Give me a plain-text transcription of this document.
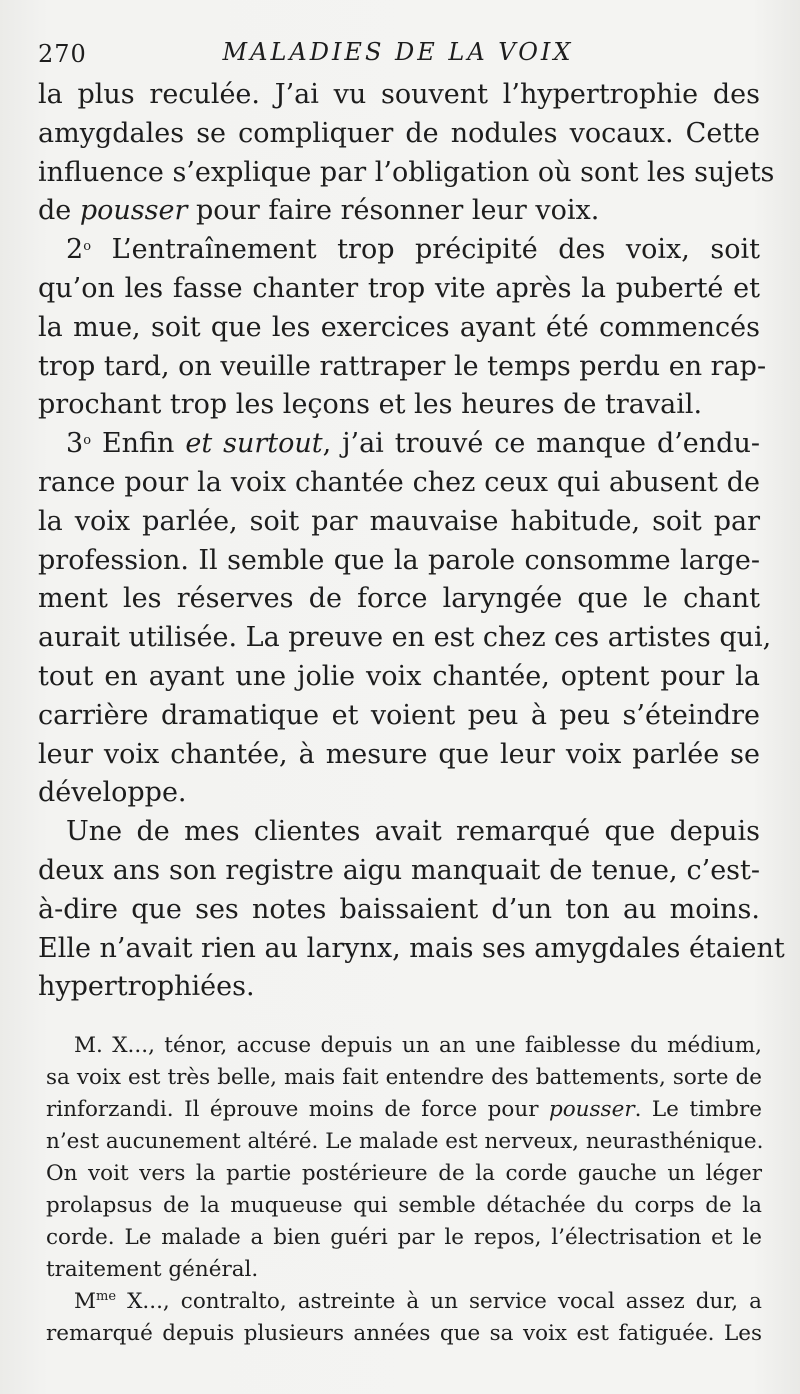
270	MALADIES DE LA VOIX
la plus reculée. J’ai vu souvent l’hypertrophie des
amygdales se compliquer de nodules vocaux. Cette
influence s’explique par l’obligation où sont les sujets
de pousser pour faire résonner leur voix.
2$^o$ L’entraînement trop précipité des voix, soit
qu’on les fasse chanter trop vite après la puberté et
la mue, soit que les exercices ayant été commencés
trop tard, on veuille rattraper le temps perdu en rap-
prochant trop les leçons et les heures de travail.
3$^o$ Enfin et surtout, j’ai trouvé ce manque d’endu-
rance pour la voix chantée chez ceux qui abusent de
la voix parlée, soit par mauvaise habitude, soit par
profession. Il semble que la parole consomme large-
ment les réserves de force laryngée que le chant
aurait utilisée. La preuve en est chez ces artistes qui,
tout en ayant une jolie voix chantée, optent pour la
carrière dramatique et voient peu à peu s’éteindre
leur voix chantée, à mesure que leur voix parlée se
développe.
Une de mes clientes avait remarqué que depuis
deux ans son registre aigu manquait de tenue, c’est-
à-dire que ses notes baissaient d’un ton au moins.
Elle n’avait rien au larynx, mais ses amygdales étaient
hypertrophiées.
M. X..., ténor, accuse depuis un an une faiblesse du médium,
sa voix est très belle, mais fait entendre des battements, sorte de
rinforzandi. Il éprouve moins de force pour pousser. Le timbre
n’est aucunement altéré. Le malade est nerveux, neurasthénique.
On voit vers la partie postérieure de la corde gauche un léger
prolapsus de la muqueuse qui semble détachée du corps de la
corde. Le malade a bien guéri par le repos, l’électrisation et le
traitement général.
$M^{me}$ X..., contralto, astreinte à un service vocal assez dur, a
remarqué depuis plusieurs années que sa voix est fatiguée. Les
